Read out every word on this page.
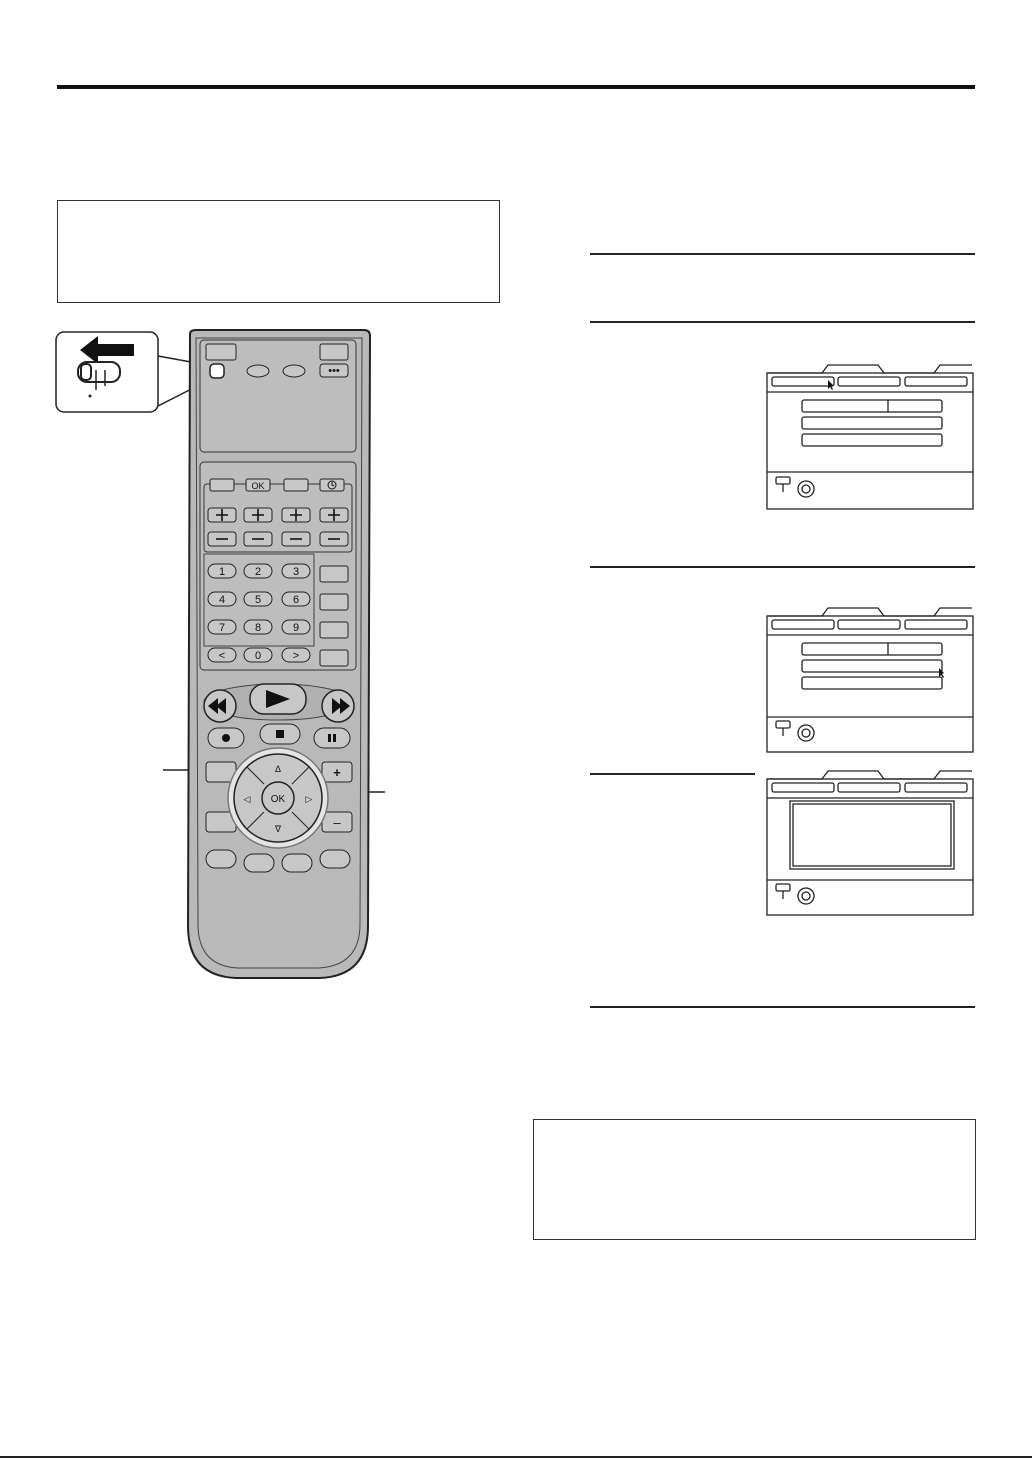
•••
OK
1	2	3
4	5	6
7	8	9
<	0	>
+
–
OK
Δ
∇
◁	▷
